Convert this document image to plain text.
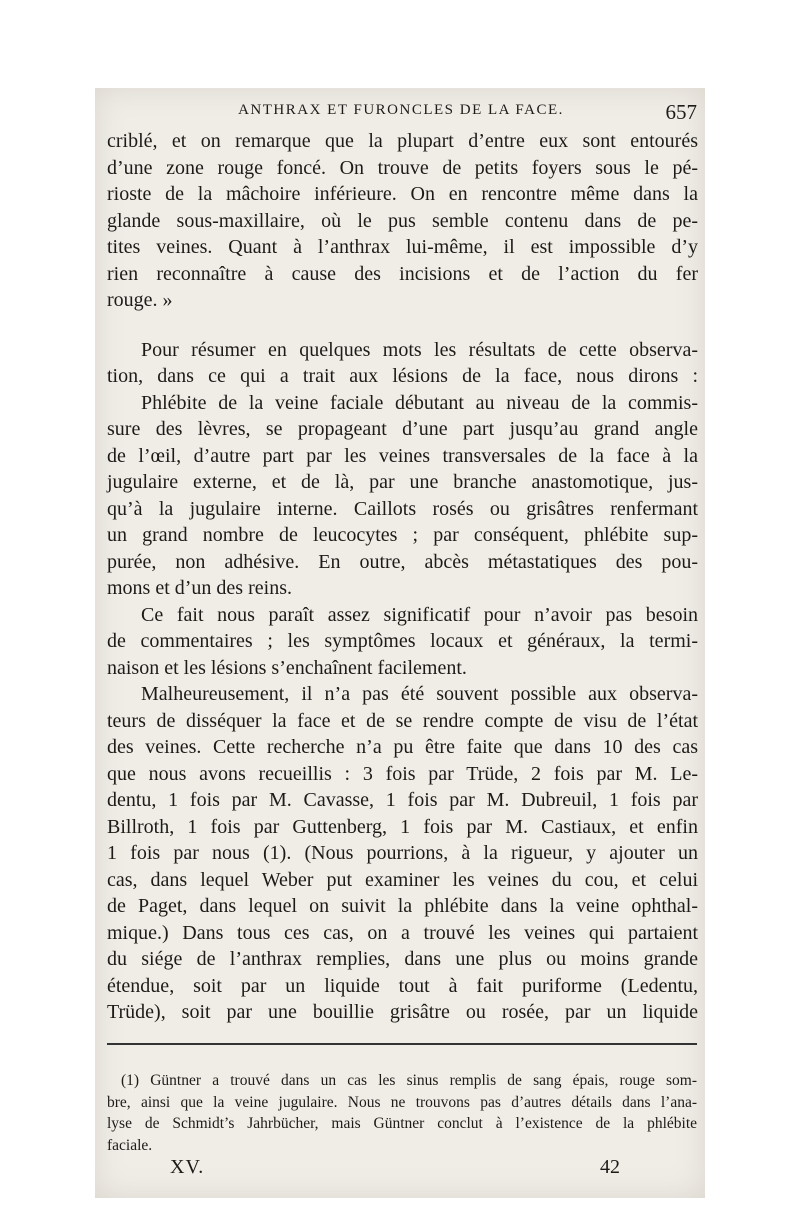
ANTHRAX ET FURONCLES DE LA FACE.	657

criblé, et on remarque que la plupart d’entre eux sont entourés

d’une zone rouge foncé. On trouve de petits foyers sous le pé-

rioste de la mâchoire inférieure. On en rencontre même dans la

glande sous-maxillaire, où le pus semble contenu dans de pe-

tites veines. Quant à l’anthrax lui-même, il est impossible d’y

rien reconnaître à cause des incisions et de l’action du fer

rouge. »

Pour résumer en quelques mots les résultats de cette observa-

tion, dans ce qui a trait aux lésions de la face, nous dirons :

Phlébite de la veine faciale débutant au niveau de la commis-

sure des lèvres, se propageant d’une part jusqu’au grand angle

de l’œil, d’autre part par les veines transversales de la face à la

jugulaire externe, et de là, par une branche anastomotique, jus-

qu’à la jugulaire interne. Caillots rosés ou grisâtres renfermant

un grand nombre de leucocytes ; par conséquent, phlébite sup-

purée, non adhésive. En outre, abcès métastatiques des pou-

mons et d’un des reins.

Ce fait nous paraît assez significatif pour n’avoir pas besoin

de commentaires ; les symptômes locaux et généraux, la termi-

naison et les lésions s’enchaînent facilement.

Malheureusement, il n’a pas été souvent possible aux observa-

teurs de disséquer la face et de se rendre compte de visu de l’état

des veines. Cette recherche n’a pu être faite que dans 10 des cas

que nous avons recueillis : 3 fois par Trüde, 2 fois par M. Le-

dentu, 1 fois par M. Cavasse, 1 fois par M. Dubreuil, 1 fois par

Billroth, 1 fois par Guttenberg, 1 fois par M. Castiaux, et enfin

1 fois par nous (1). (Nous pourrions, à la rigueur, y ajouter un

cas, dans lequel Weber put examiner les veines du cou, et celui

de Paget, dans lequel on suivit la phlébite dans la veine ophthal-

mique.) Dans tous ces cas, on a trouvé les veines qui partaient

du siége de l’anthrax remplies, dans une plus ou moins grande

étendue, soit par un liquide tout à fait puriforme (Ledentu,

Trüde), soit par une bouillie grisâtre ou rosée, par un liquide

(1) Güntner a trouvé dans un cas les sinus remplis de sang épais, rouge som-

bre, ainsi que la veine jugulaire. Nous ne trouvons pas d’autres détails dans l’ana-

lyse de Schmidt’s Jahrbücher, mais Güntner conclut à l’existence de la phlébite

faciale.

XV.	42
